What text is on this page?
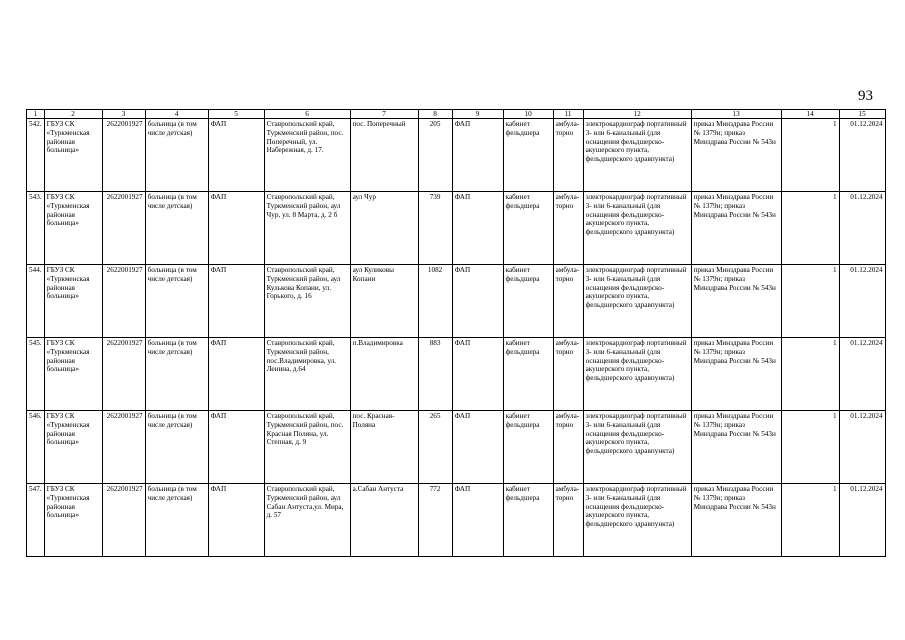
93
1	2	3	4	5	6	7	8	9	10	11	12	13	14	15
542.	ГБУЗ СК «Туркменская районная больница»	2622001927	больница (в том числе детская)	ФАП	Ставропольский край, Туркменский район, пос. Поперечный, ул. Набережная, д. 17.	пос. Поперечный	205	ФАП	кабинет фельдшера	амбула-торно	электрокардиограф портативный 3- или 6-канальный (для оснащения фельдшерско-акушерского пункта, фельдшерского здравпункта)	приказ Минздрава России № 1379н; приказ Минздрава России № 543н	1	01.12.2024
543.	ГБУЗ СК «Туркменская районная больница»	2622001927	больница (в том числе детская)	ФАП	Ставропольский край, Туркменский район, аул Чур, ул. 8 Марта, д. 2 б	аул Чур	739	ФАП	кабинет фельдшера	амбула-торно	электрокардиограф портативный 3- или 6-канальный (для оснащения фельдшерско-акушерского пункта, фельдшерского здравпункта)	приказ Минздрава России № 1379н; приказ Минздрава России № 543н	1	01.12.2024
544.	ГБУЗ СК «Туркменская районная больница»	2622001927	больница (в том числе детская)	ФАП	Ставропольский край, Туркменский район, аул Кулькова Копани, ул. Горького, д. 16	аул Куликовы Копани	1082	ФАП	кабинет фельдшера	амбула-торно	электрокардиограф портативный 3- или 6-канальный (для оснащения фельдшерско-акушерского пункта, фельдшерского здравпункта)	приказ Минздрава России № 1379н; приказ Минздрава России № 543н	1	01.12.2024
545.	ГБУЗ СК «Туркменская районная больница»	2622001927	больница (в том числе детская)	ФАП	Ставропольский край, Туркменский район, пос.Владимировка, ул. Ленина, д.64	п.Владимировка	883	ФАП	кабинет фельдшера	амбула-торно	электрокардиограф портативный 3- или 6-канальный (для оснащения фельдшерско-акушерского пункта, фельдшерского здравпункта)	приказ Минздрава России № 1379н; приказ Минздрава России № 543н	1	01.12.2024
546.	ГБУЗ СК «Туркменская районная больница»	2622001927	больница (в том числе детская)	ФАП	Ставропольский край, Туркменский район, пос. Красная Поляна, ул. Степная, д. 9	пос. Красная-Поляна	265	ФАП	кабинет фельдшера	амбула-торно	электрокардиограф портативный 3- или 6-канальный (для оснащения фельдшерско-акушерского пункта, фельдшерского здравпункта)	приказ Минздрава России № 1379н; приказ Минздрава России № 543н	1	01.12.2024
547.	ГБУЗ СК «Туркменская районная больница»	2622001927	больница (в том числе детская)	ФАП	Ставропольский край, Туркменский район, аул Сабан Антуста,ул. Мира, д. 57	а.Сабан Антуста	772	ФАП	кабинет фельдшера	амбула-торно	электрокардиограф портативный 3- или 6-канальный (для оснащения фельдшерско-акушерского пункта, фельдшерского здравпункта)	приказ Минздрава России № 1379н; приказ Минздрава России № 543н	1	01.12.2024
